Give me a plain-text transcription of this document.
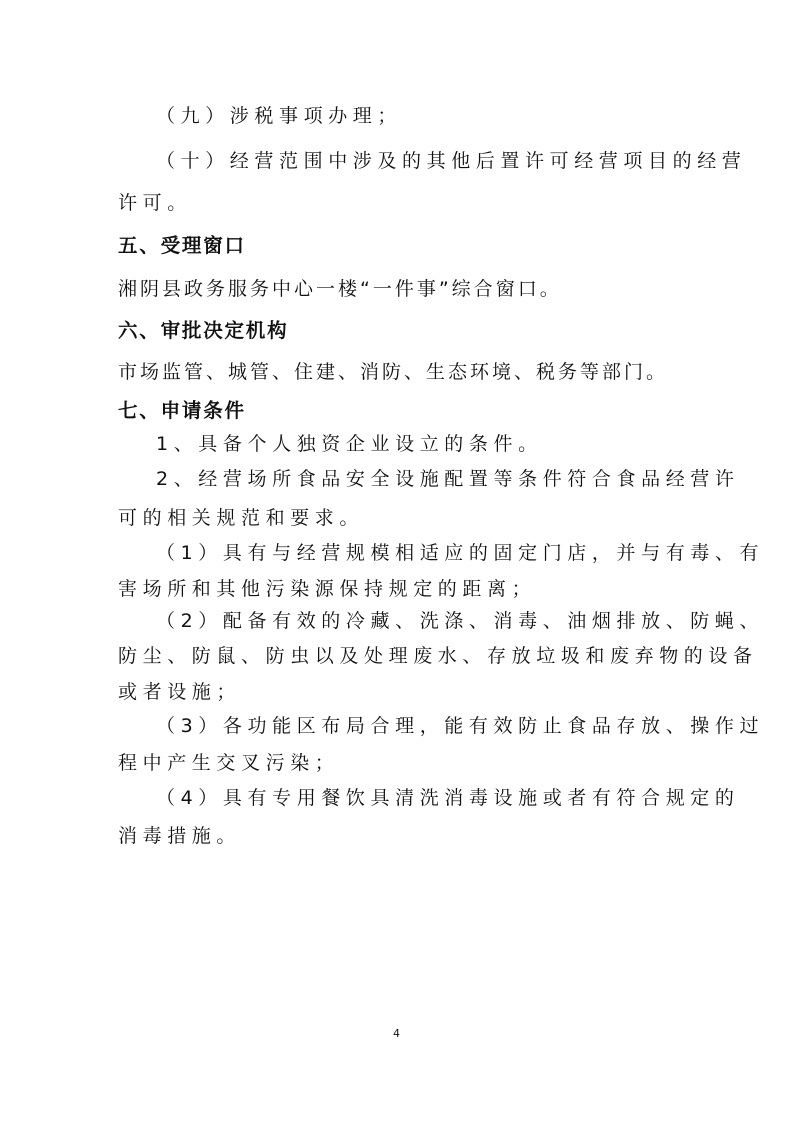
（九）涉税事项办理；

（十）经营范围中涉及的其他后置许可经营项目的经营

许可。

五、受理窗口

湘阴县政务服务中心一楼“一件事”综合窗口。

六、审批决定机构

市场监管、城管、住建、消防、生态环境、税务等部门。

七、申请条件

1、具备个人独资企业设立的条件。

2、经营场所食品安全设施配置等条件符合食品经营许

可的相关规范和要求。

（1）具有与经营规模相适应的固定门店，并与有毒、有

害场所和其他污染源保持规定的距离；

（2）配备有效的冷藏、洗涤、消毒、油烟排放、防蝇、

防尘、防鼠、防虫以及处理废水、存放垃圾和废弃物的设备

或者设施；

（3）各功能区布局合理，能有效防止食品存放、操作过

程中产生交叉污染；

（4）具有专用餐饮具清洗消毒设施或者有符合规定的

消毒措施。

4
